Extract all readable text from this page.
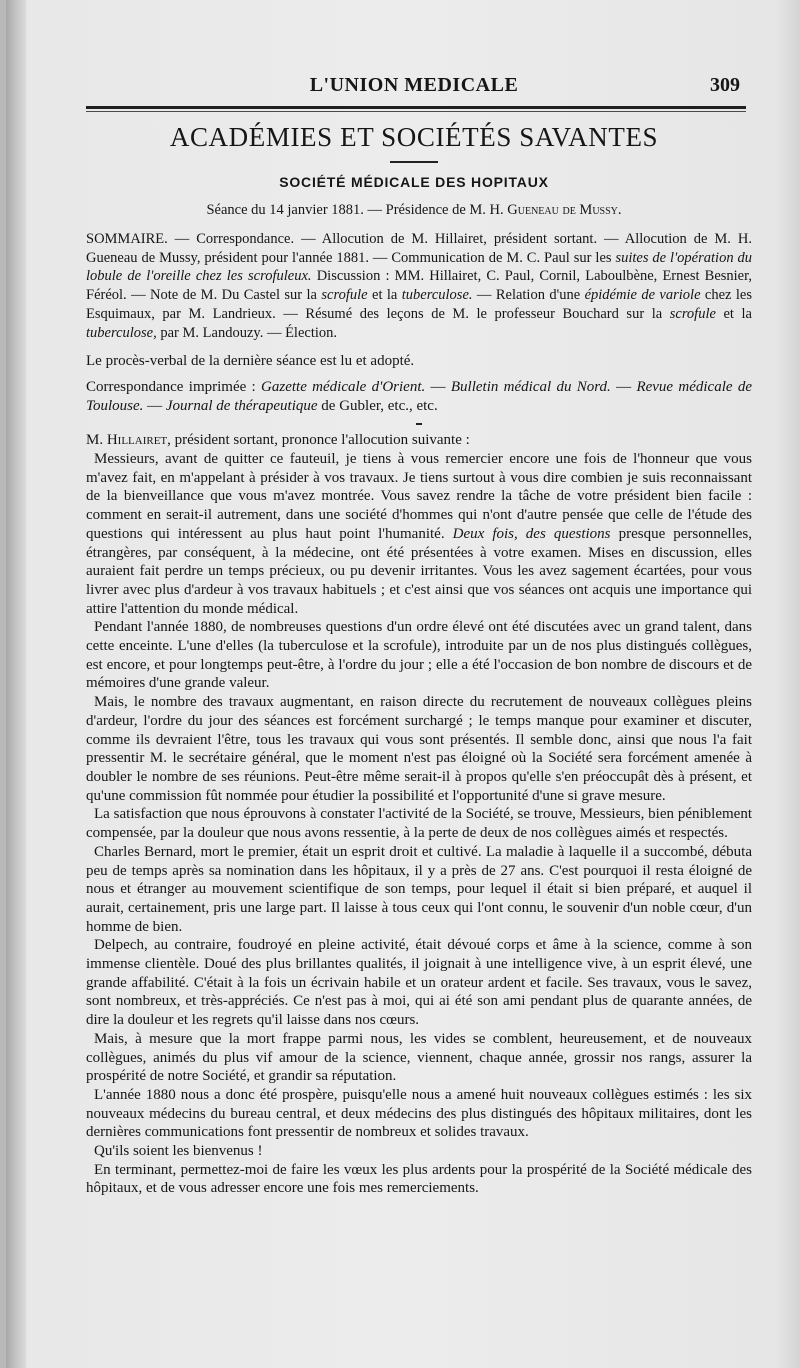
L'UNION MEDICALE	309
ACADÉMIES ET SOCIÉTÉS SAVANTES
SOCIÉTÉ MÉDICALE DES HOPITAUX
Séance du 14 janvier 1881. — Présidence de M. H. Gueneau de Mussy.

SOMMAIRE. — Correspondance. — Allocution de M. Hillairet, président sortant. — Allocution de M. H. Gueneau de Mussy, président pour l'année 1881. — Communication de M. C. Paul sur les suites de l'opération du lobule de l'oreille chez les scrofuleux. Discussion : MM. Hillairet, C. Paul, Cornil, Laboulbène, Ernest Besnier, Féréol. — Note de M. Du Castel sur la scrofule et la tuberculose. — Relation d'une épidémie de variole chez les Esquimaux, par M. Landrieux. — Résumé des leçons de M. le professeur Bouchard sur la scrofule et la tuberculose, par M. Landouzy. — Élection.

Le procès-verbal de la dernière séance est lu et adopté.

Correspondance imprimée : Gazette médicale d'Orient. — Bulletin médical du Nord. — Revue médicale de Toulouse. — Journal de thérapeutique de Gubler, etc., etc.

M. Hillairet, président sortant, prononce l'allocution suivante :

Messieurs, avant de quitter ce fauteuil, je tiens à vous remercier encore une fois de l'honneur que vous m'avez fait, en m'appelant à présider à vos travaux. Je tiens surtout à vous dire combien je suis reconnaissant de la bienveillance que vous m'avez montrée. Vous savez rendre la tâche de votre président bien facile : comment en serait-il autrement, dans une société d'hommes qui n'ont d'autre pensée que celle de l'étude des questions qui intéressent au plus haut point l'humanité. Deux fois, des questions presque personnelles, étrangères, par conséquent, à la médecine, ont été présentées à votre examen. Mises en discussion, elles auraient fait perdre un temps précieux, ou pu devenir irritantes. Vous les avez sagement écartées, pour vous livrer avec plus d'ardeur à vos travaux habituels ; et c'est ainsi que vos séances ont acquis une importance qui attire l'attention du monde médical.

Pendant l'année 1880, de nombreuses questions d'un ordre élevé ont été discutées avec un grand talent, dans cette enceinte. L'une d'elles (la tuberculose et la scrofule), introduite par un de nos plus distingués collègues, est encore, et pour longtemps peut-être, à l'ordre du jour ; elle a été l'occasion de bon nombre de discours et de mémoires d'une grande valeur.

Mais, le nombre des travaux augmentant, en raison directe du recrutement de nouveaux collègues pleins d'ardeur, l'ordre du jour des séances est forcément surchargé ; le temps manque pour examiner et discuter, comme ils devraient l'être, tous les travaux qui vous sont présentés. Il semble donc, ainsi que nous l'a fait pressentir M. le secrétaire général, que le moment n'est pas éloigné où la Société sera forcément amenée à doubler le nombre de ses réunions. Peut-être même serait-il à propos qu'elle s'en préoccupât dès à présent, et qu'une commission fût nommée pour étudier la possibilité et l'opportunité d'une si grave mesure.

La satisfaction que nous éprouvons à constater l'activité de la Société, se trouve, Messieurs, bien péniblement compensée, par la douleur que nous avons ressentie, à la perte de deux de nos collègues aimés et respectés.

Charles Bernard, mort le premier, était un esprit droit et cultivé. La maladie à laquelle il a succombé, débuta peu de temps après sa nomination dans les hôpitaux, il y a près de 27 ans. C'est pourquoi il resta éloigné de nous et étranger au mouvement scientifique de son temps, pour lequel il était si bien préparé, et auquel il aurait, certainement, pris une large part. Il laisse à tous ceux qui l'ont connu, le souvenir d'un noble cœur, d'un homme de bien.

Delpech, au contraire, foudroyé en pleine activité, était dévoué corps et âme à la science, comme à son immense clientèle. Doué des plus brillantes qualités, il joignait à une intelligence vive, à un esprit élevé, une grande affabilité. C'était à la fois un écrivain habile et un orateur ardent et facile. Ses travaux, vous le savez, sont nombreux, et très-appréciés. Ce n'est pas à moi, qui ai été son ami pendant plus de quarante années, de dire la douleur et les regrets qu'il laisse dans nos cœurs.

Mais, à mesure que la mort frappe parmi nous, les vides se comblent, heureusement, et de nouveaux collègues, animés du plus vif amour de la science, viennent, chaque année, grossir nos rangs, assurer la prospérité de notre Société, et grandir sa réputation.

L'année 1880 nous a donc été prospère, puisqu'elle nous a amené huit nouveaux collègues estimés : les six nouveaux médecins du bureau central, et deux médecins des plus distingués des hôpitaux militaires, dont les dernières communications font pressentir de nombreux et solides travaux.

Qu'ils soient les bienvenus !

En terminant, permettez-moi de faire les vœux les plus ardents pour la prospérité de la Société médicale des hôpitaux, et de vous adresser encore une fois mes remerciements.
